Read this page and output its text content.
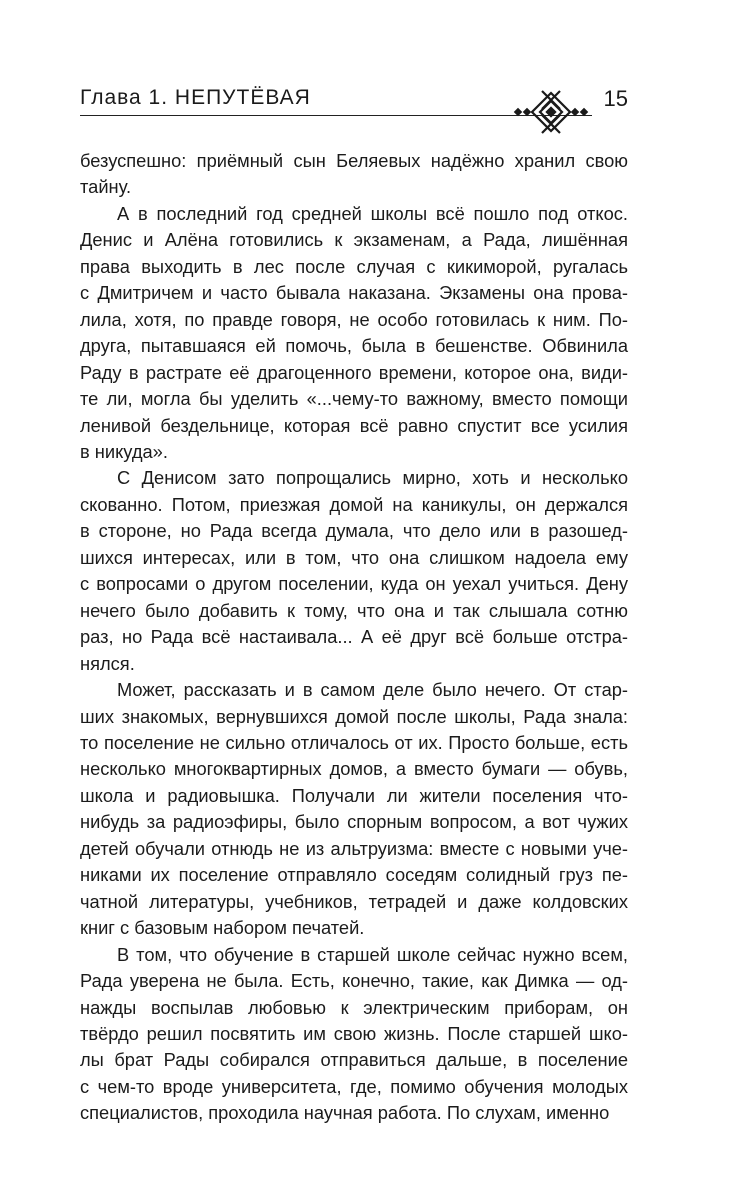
Глава 1. НЕПУТЁВАЯ	15

безуспешно: приёмный сын Беляевых надёжно хранил свою
тайну.

А в последний год средней школы всё пошло под откос.
Денис и Алёна готовились к экзаменам, а Рада, лишённая
права выходить в лес после случая с кикиморой, ругалась
с Дмитричем и часто бывала наказана. Экзамены она прова-
лила, хотя, по правде говоря, не особо готовилась к ним. По-
друга, пытавшаяся ей помочь, была в бешенстве. Обвинила
Раду в растрате её драгоценного времени, которое она, види-
те ли, могла бы уделить «...чему-то важному, вместо помощи
ленивой бездельнице, которая всё равно спустит все усилия
в никуда».

С Денисом зато попрощались мирно, хоть и несколько
скованно. Потом, приезжая домой на каникулы, он держался
в стороне, но Рада всегда думала, что дело или в разошед-
шихся интересах, или в том, что она слишком надоела ему
с вопросами о другом поселении, куда он уехал учиться. Дену
нечего было добавить к тому, что она и так слышала сотню
раз, но Рада всё настаивала... А её друг всё больше отстра-
нялся.

Может, рассказать и в самом деле было нечего. От стар-
ших знакомых, вернувшихся домой после школы, Рада знала:
то поселение не сильно отличалось от их. Просто больше, есть
несколько многоквартирных домов, а вместо бумаги — обувь,
школа и радиовышка. Получали ли жители поселения что-
нибудь за радиоэфиры, было спорным вопросом, а вот чужих
детей обучали отнюдь не из альтруизма: вместе с новыми уче-
никами их поселение отправляло соседям солидный груз пе-
чатной литературы, учебников, тетрадей и даже колдовских
книг с базовым набором печатей.

В том, что обучение в старшей школе сейчас нужно всем,
Рада уверена не была. Есть, конечно, такие, как Димка — од-
нажды воспылав любовью к электрическим приборам, он
твёрдо решил посвятить им свою жизнь. После старшей шко-
лы брат Рады собирался отправиться дальше, в поселение
с чем-то вроде университета, где, помимо обучения молодых
специалистов, проходила научная работа. По слухам, именно
